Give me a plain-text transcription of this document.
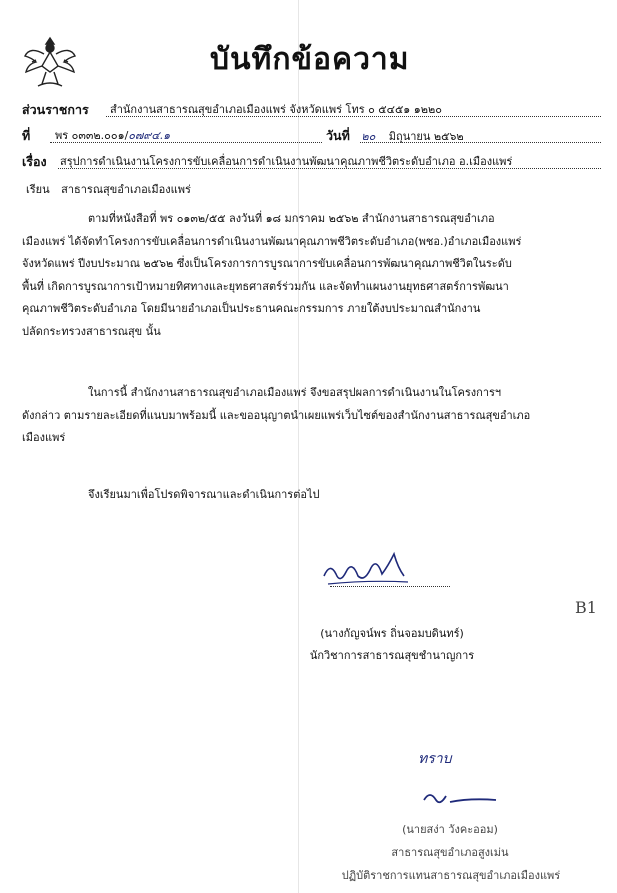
บันทึกข้อความ
ส่วนราชการ สำนักงานสาธารณสุขอำเภอเมืองแพร่ จังหวัดแพร่ โทร ๐ ๕๔๕๑ ๑๒๒๐
ที่ พร ๐๓๓๒.๐๐๑/๐๗๙๔.๑	วันที่ ๒๐ มิถุนายน ๒๕๖๒
เรื่อง สรุปการดำเนินงานโครงการขับเคลื่อนการดำเนินงานพัฒนาคุณภาพชีวิตระดับอำเภอ อ.เมืองแพร่
เรียน สาธารณสุขอำเภอเมืองแพร่
ตามที่หนังสือที่ พร ๐๑๓๒/๕๕ ลงวันที่ ๑๘ มกราคม ๒๕๖๒ สำนักงานสาธารณสุขอำเภอ
เมืองแพร่ ได้จัดทำโครงการขับเคลื่อนการดำเนินงานพัฒนาคุณภาพชีวิตระดับอำเภอ(พชอ.)อำเภอเมืองแพร่
จังหวัดแพร่ ปีงบประมาณ ๒๕๖๒ ซึ่งเป็นโครงการการบูรณาการขับเคลื่อนการพัฒนาคุณภาพชีวิตในระดับ
พื้นที่ เกิดการบูรณาการเป้าหมายทิศทางและยุทธศาสตร์ร่วมกัน และจัดทำแผนงานยุทธศาสตร์การพัฒนา
คุณภาพชีวิตระดับอำเภอ โดยมีนายอำเภอเป็นประธานคณะกรรมการ ภายใต้งบประมาณสำนักงาน
ปลัดกระทรวงสาธารณสุข นั้น
ในการนี้ สำนักงานสาธารณสุขอำเภอเมืองแพร่ จึงขอสรุปผลการดำเนินงานในโครงการฯ
ดังกล่าว ตามรายละเอียดที่แนบมาพร้อมนี้ และขออนุญาตนำเผยแพร่เว็บไซต์ของสำนักงานสาธารณสุขอำเภอ
เมืองแพร่
จึงเรียนมาเพื่อโปรดพิจารณาและดำเนินการต่อไป
(นางกัญจน์พร ถิ่นจอมบดินทร์)
นักวิชาการสาธารณสุขชำนาญการ
B1
ทราบ
(นายสง่า วังคะออม)
สาธารณสุขอำเภอสูงเม่น
ปฏิบัติราชการแทนสาธารณสุขอำเภอเมืองแพร่
